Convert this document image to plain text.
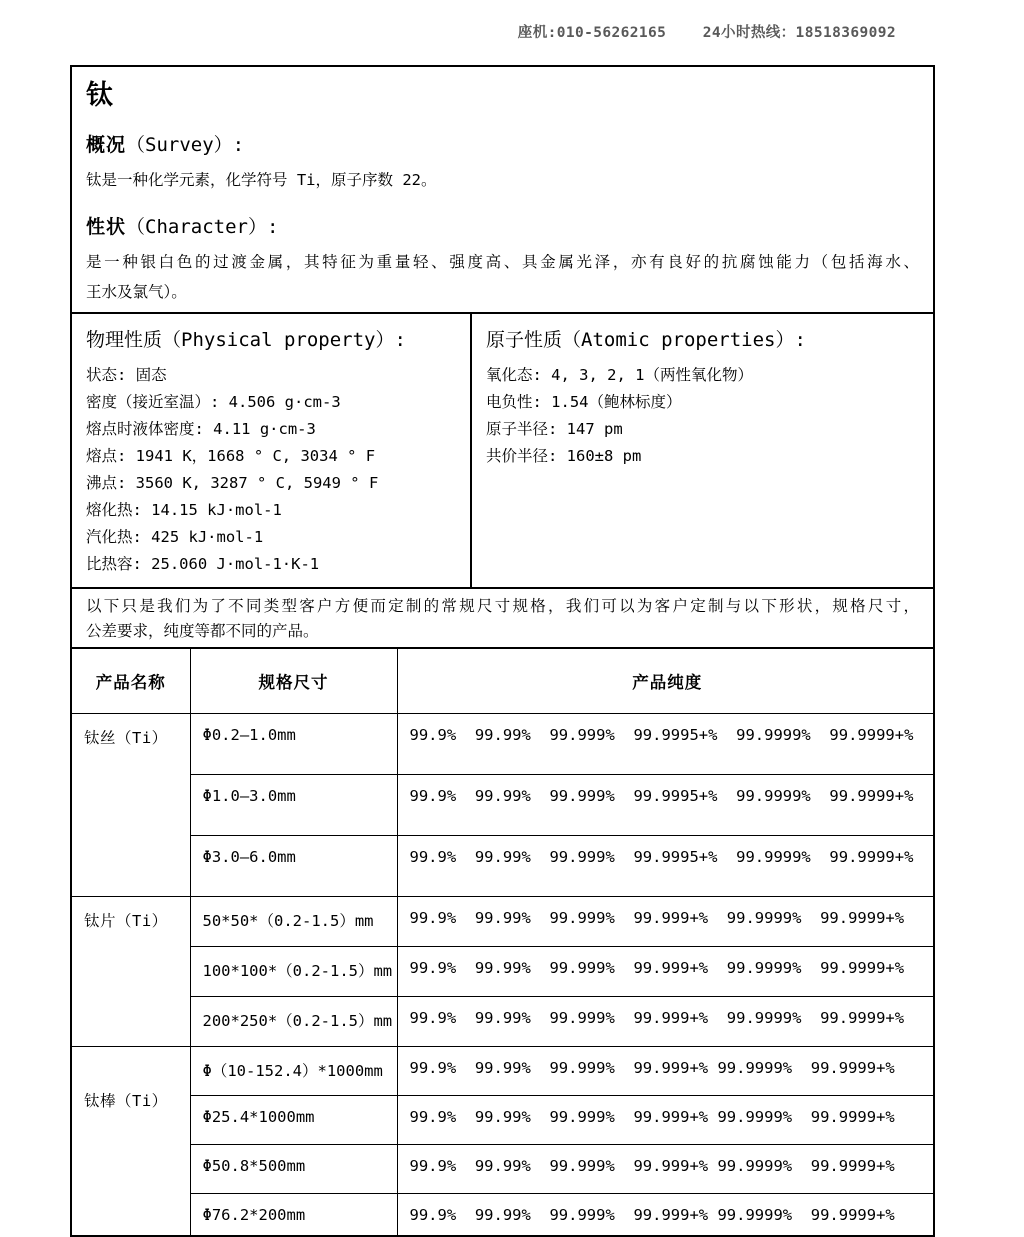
座机:010-56262165    24小时热线：18518369092
钛
概况（Survey）:
钛是一种化学元素，化学符号 Ti，原子序数 22。
性状（Character）:
是一种银白色的过渡金属，其特征为重量轻、强度高、具金属光泽，亦有良好的抗腐蚀能力（包括海水、
王水及氯气）。
物理性质（Physical property）:
状态: 固态
密度（接近室温）: 4.506 g·cm-3
熔点时液体密度: 4.11 g·cm-3
熔点: 1941 K，1668 ° C, 3034 ° F
沸点: 3560 K, 3287 ° C, 5949 ° F
熔化热: 14.15 kJ·mol-1
汽化热: 425 kJ·mol-1
比热容: 25.060 J·mol-1·K-1
原子性质（Atomic properties）:
氧化态: 4, 3, 2, 1（两性氧化物）
电负性: 1.54（鲍林标度）
原子半径: 147 pm
共价半径: 160±8 pm
以下只是我们为了不同类型客户方便而定制的常规尺寸规格，我们可以为客户定制与以下形状，规格尺寸，
公差要求，纯度等都不同的产品。
产品名称	规格尺寸	产品纯度
钛丝（Ti）	Φ0.2—1.0mm	99.9%  99.99%  99.999%  99.9995+%  99.9999%  99.9999+%
	Φ1.0—3.0mm	99.9%  99.99%  99.999%  99.9995+%  99.9999%  99.9999+%
	Φ3.0—6.0mm	99.9%  99.99%  99.999%  99.9995+%  99.9999%  99.9999+%
钛片（Ti）	50*50*（0.2-1.5）mm	99.9%  99.99%  99.999%  99.999+%  99.9999%  99.9999+%
	100*100*（0.2-1.5）mm	99.9%  99.99%  99.999%  99.999+%  99.9999%  99.9999+%
	200*250*（0.2-1.5）mm	99.9%  99.99%  99.999%  99.999+%  99.9999%  99.9999+%
钛棒（Ti）	Φ（10-152.4）*1000mm	99.9%  99.99%  99.999%  99.999+% 99.9999%  99.9999+%
	Φ25.4*1000mm	99.9%  99.99%  99.999%  99.999+% 99.9999%  99.9999+%
	Φ50.8*500mm	99.9%  99.99%  99.999%  99.999+% 99.9999%  99.9999+%
	Φ76.2*200mm	99.9%  99.99%  99.999%  99.999+% 99.9999%  99.9999+%
